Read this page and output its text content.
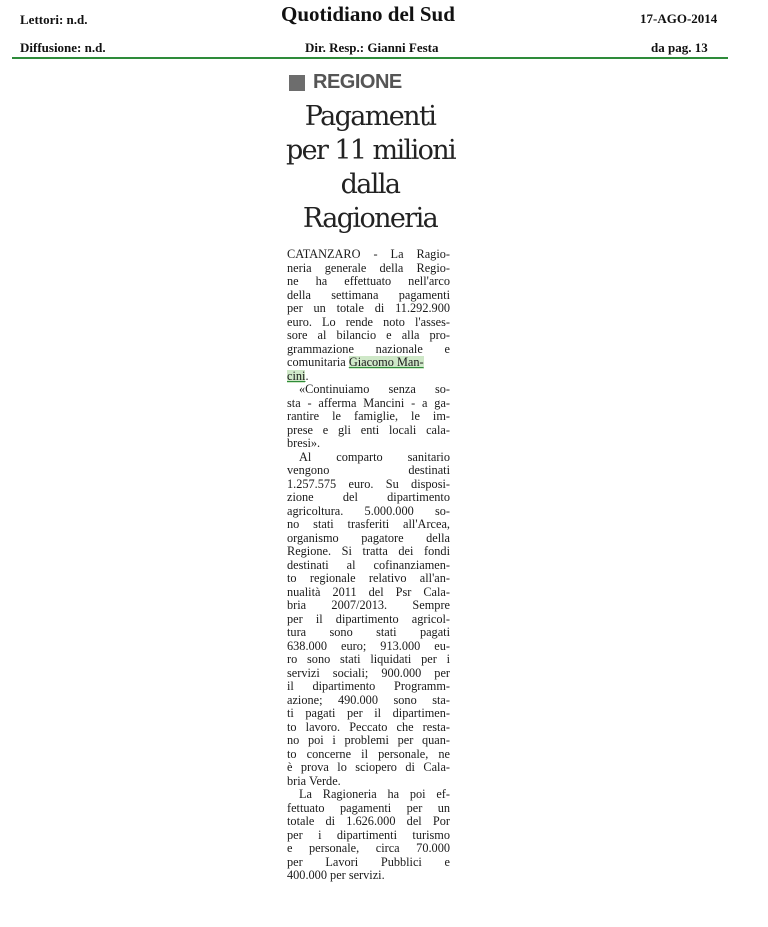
Lettori: n.d.
Diffusione: n.d.
Quotidiano del Sud
Dir. Resp.: Gianni Festa
17-AGO-2014
da pag. 13
REGIONE
Pagamenti
per 11 milioni
dalla
Ragioneria
CATANZARO - La Ragio-
neria generale della Regio-
ne ha effettuato nell'arco
della settimana pagamenti
per un totale di 11.292.900
euro. Lo rende noto l'asses-
sore al bilancio e alla pro-
grammazione nazionale e
comunitaria Giacomo Man-
cini.
«Continuiamo senza so-
sta - afferma Mancini - a ga-
rantire le famiglie, le im-
prese e gli enti locali cala-
bresi».
Al comparto sanitario
vengono destinati
1.257.575 euro. Su disposi-
zione del dipartimento
agricoltura. 5.000.000 so-
no stati trasferiti all'Arcea,
organismo pagatore della
Regione. Si tratta dei fondi
destinati al cofinanziamen-
to regionale relativo all'an-
nualità 2011 del Psr Cala-
bria 2007/2013. Sempre
per il dipartimento agricol-
tura sono stati pagati
638.000 euro; 913.000 eu-
ro sono stati liquidati per i
servizi sociali; 900.000 per
il dipartimento Programm-
azione; 490.000 sono sta-
ti pagati per il dipartimen-
to lavoro. Peccato che resta-
no poi i problemi per quan-
to concerne il personale, ne
è prova lo sciopero di Cala-
bria Verde.
La Ragioneria ha poi ef-
fettuato pagamenti per un
totale di 1.626.000 del Por
per i dipartimenti turismo
e personale, circa 70.000
per Lavori Pubblici e
400.000 per servizi.
